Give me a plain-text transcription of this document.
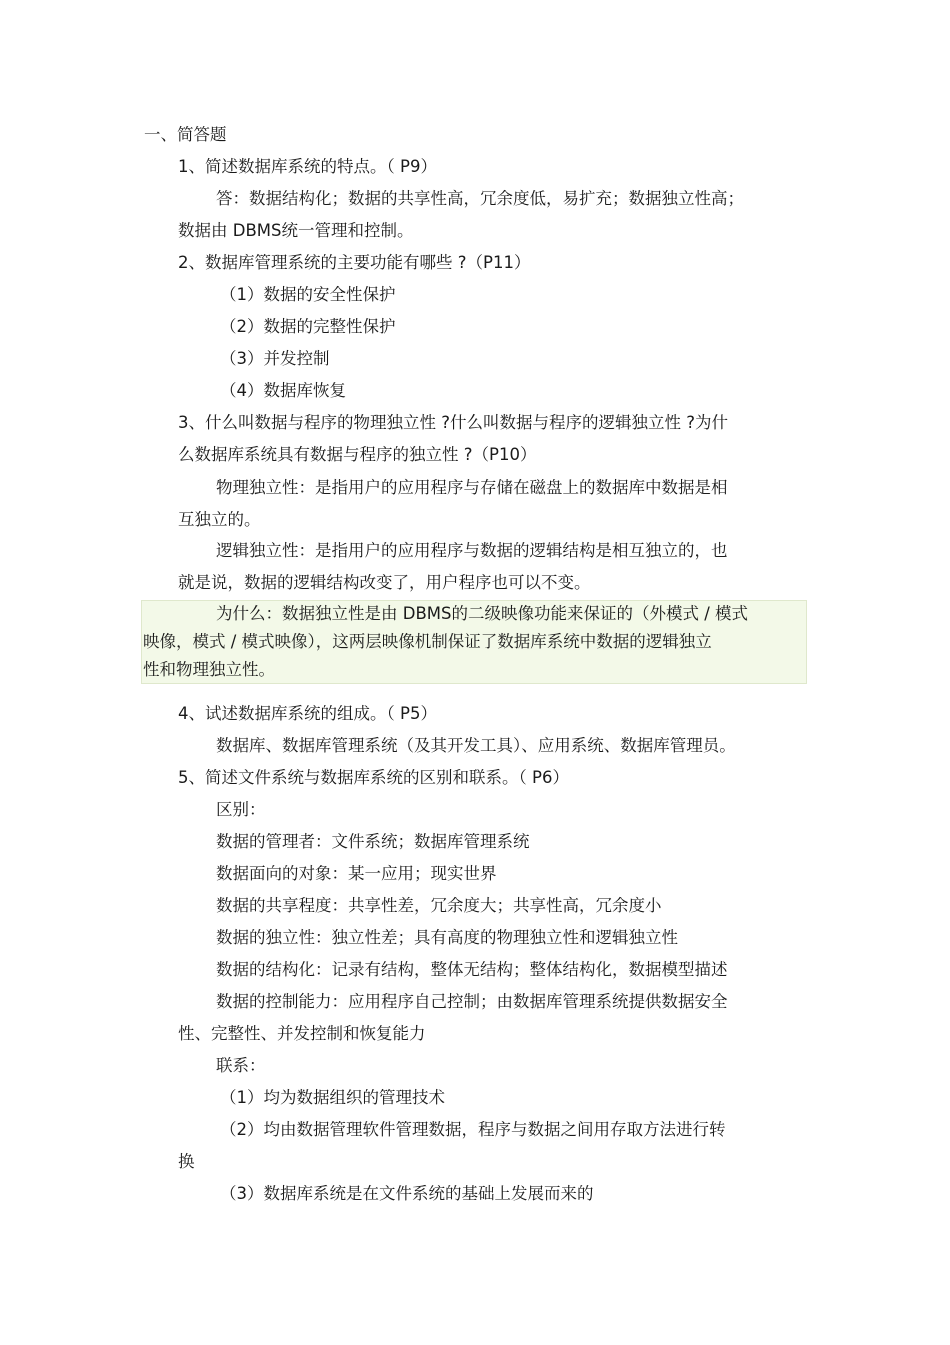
一、简答题
1、简述数据库系统的特点。（ P9）
答：数据结构化；数据的共享性高，冗余度低，易扩充；数据独立性高；
数据由 DBMS统一管理和控制。
2、数据库管理系统的主要功能有哪些 ?（P11）
（1）数据的安全性保护
（2）数据的完整性保护
（3）并发控制
（4）数据库恢复
3、什么叫数据与程序的物理独立性 ?什么叫数据与程序的逻辑独立性 ?为什
么数据库系统具有数据与程序的独立性 ?（P10）
物理独立性：是指用户的应用程序与存储在磁盘上的数据库中数据是相
互独立的。
逻辑独立性：是指用户的应用程序与数据的逻辑结构是相互独立的，也
就是说，数据的逻辑结构改变了，用户程序也可以不变。
为什么：数据独立性是由 DBMS的二级映像功能来保证的（外模式 / 模式
映像，模式 / 模式映像），这两层映像机制保证了数据库系统中数据的逻辑独立
性和物理独立性。
4、试述数据库系统的组成。（ P5）
数据库、数据库管理系统（及其开发工具）、应用系统、数据库管理员。
5、简述文件系统与数据库系统的区别和联系。（ P6）
区别：
数据的管理者：文件系统；数据库管理系统
数据面向的对象：某一应用；现实世界
数据的共享程度：共享性差，冗余度大；共享性高，冗余度小
数据的独立性：独立性差；具有高度的物理独立性和逻辑独立性
数据的结构化：记录有结构，整体无结构；整体结构化，数据模型描述
数据的控制能力：应用程序自己控制；由数据库管理系统提供数据安全
性、完整性、并发控制和恢复能力
联系：
（1）均为数据组织的管理技术
（2）均由数据管理软件管理数据，程序与数据之间用存取方法进行转
换
（3）数据库系统是在文件系统的基础上发展而来的
